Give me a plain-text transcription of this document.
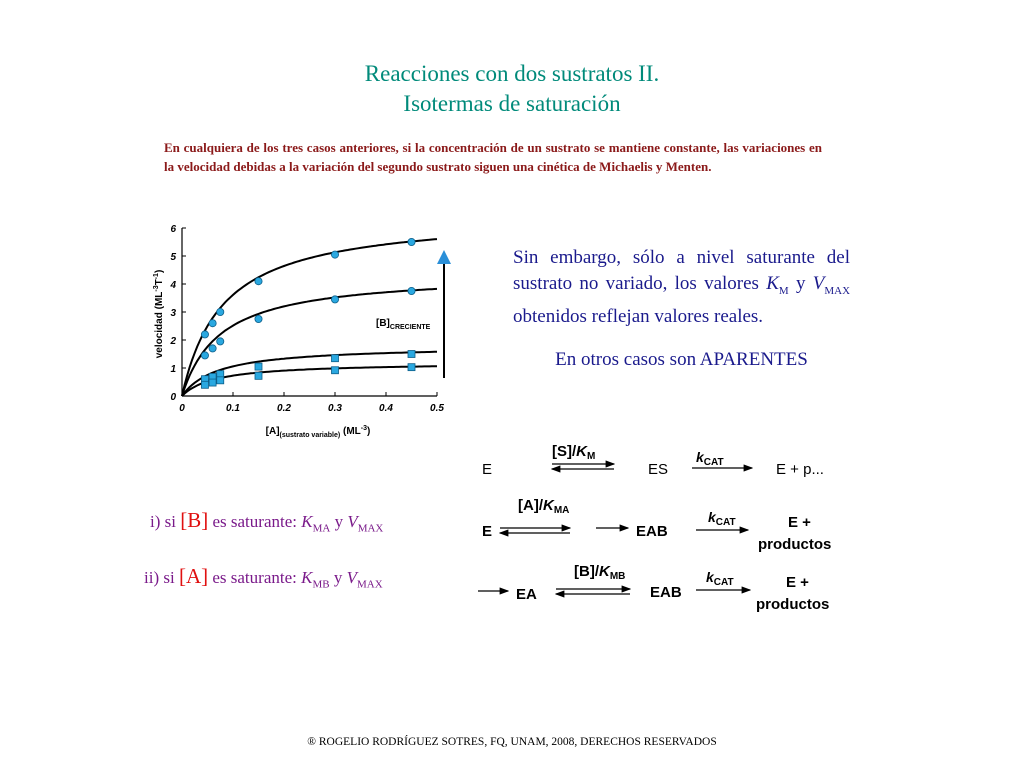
Reacciones con dos sustratos II.
Isotermas de saturación
En cualquiera de los tres casos anteriores, si la concentración de un sustrato se mantiene constante, las variaciones en la velocidad debidas a la variación del segundo sustrato siguen una cinética de Michaelis y Menten.
0	0.1	0.2	0.3	0.4	0.5
0
1
2
3
4
5
6
$[A]_{(sustrato variable)}$ $(ML^{-3})$
velocidad $(ML^{-3}T^{-1})$
$[B]_{CRECIENTE}$
Sin embargo, sólo a nivel saturante del sustrato no variado, los valores $K_M$ y $V_{MAX}$ obtenidos reflejan valores reales.
En otros casos son APARENTES
i) si [B] es saturante: $K_{MA}$ y $V_{MAX}$
ii) si [A] es saturante: $K_{MB}$ y $V_{MAX}$
E
$[S]/K_M$
ES
$k_{CAT}$	E + p...
$[A]/K_{MA}$
E	EAB
$k_{CAT}$	E +
productos
$[B]/K_{MB}$
EA	EAB
$k_{CAT}$	E +
productos
® ROGELIO RODRÍGUEZ SOTRES, FQ, UNAM, 2008, DERECHOS RESERVADOS
